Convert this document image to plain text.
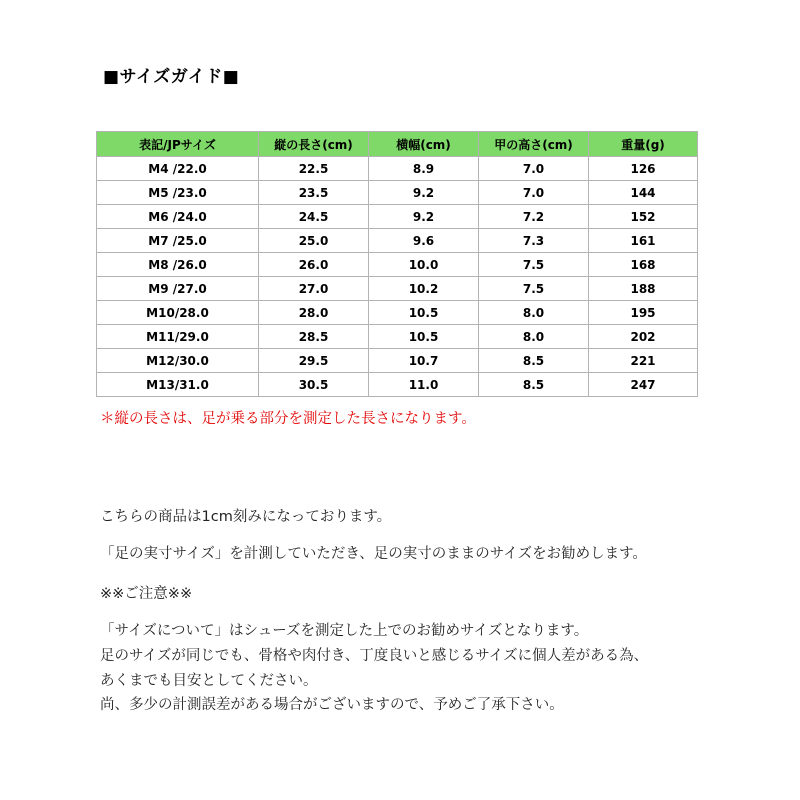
■サイズガイド■
表記/JPサイズ	縦の長さ(cm)	横幅(cm)	甲の高さ(cm)	重量(g)
M4 /22.0	22.5	8.9	7.0	126
M5 /23.0	23.5	9.2	7.0	144
M6 /24.0	24.5	9.2	7.2	152
M7 /25.0	25.0	9.6	7.3	161
M8 /26.0	26.0	10.0	7.5	168
M9 /27.0	27.0	10.2	7.5	188
M10/28.0	28.0	10.5	8.0	195
M11/29.0	28.5	10.5	8.0	202
M12/30.0	29.5	10.7	8.5	221
M13/31.0	30.5	11.0	8.5	247
＊縦の長さは、足が乗る部分を測定した長さになります。
こちらの商品は1cm刻みになっております。
「足の実寸サイズ」を計測していただき、足の実寸のままのサイズをお勧めします。
※※ご注意※※
「サイズについて」はシューズを測定した上でのお勧めサイズとなります。
足のサイズが同じでも、骨格や肉付き、丁度良いと感じるサイズに個人差がある為、
あくまでも目安としてください。
尚、多少の計測誤差がある場合がございますので、予めご了承下さい。
